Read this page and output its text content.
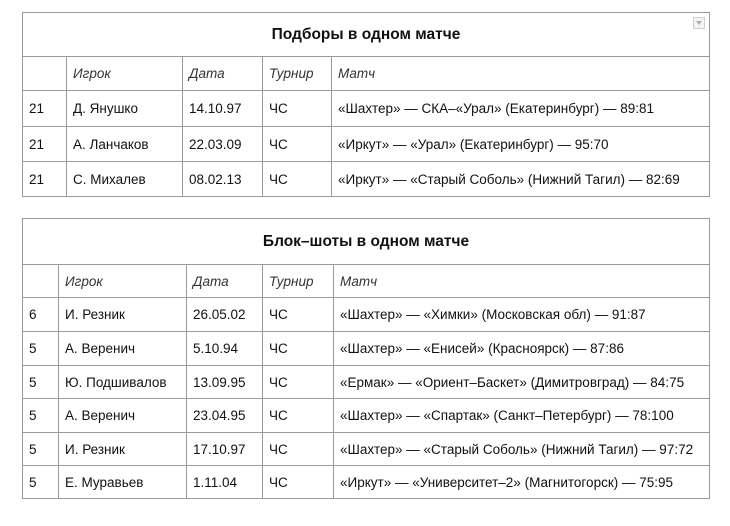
Подборы в одном матче				

	Игрок	Дата	Турнир	Матч
21	Д. Янушко	14.10.97	ЧС	«Шахтер» — СКА–«Урал» (Екатеринбург) — 89:81
21	А. Ланчаков	22.03.09	ЧС	«Иркут» — «Урал» (Екатеринбург) — 95:70
21	С. Михалев	08.02.13	ЧС	«Иркут» — «Старый Соболь» (Нижний Тагил) — 82:69
Блок–шоты в одном матче				
	Игрок	Дата	Турнир	Матч
6	И. Резник	26.05.02	ЧС	«Шахтер» — «Химки» (Московская обл) — 91:87
5	А. Веренич	5.10.94	ЧС	«Шахтер» — «Енисей» (Красноярск) — 87:86
5	Ю. Подшивалов	13.09.95	ЧС	«Ермак» — «Ориент–Баскет» (Димитровград) — 84:75
5	А. Веренич	23.04.95	ЧС	«Шахтер» — «Спартак» (Санкт–Петербург) — 78:100
5	И. Резник	17.10.97	ЧС	«Шахтер» — «Старый Соболь» (Нижний Тагил) — 97:72
5	Е. Муравьев	1.11.04	ЧС	«Иркут» — «Университет–2» (Магнитогорск) — 75:95
